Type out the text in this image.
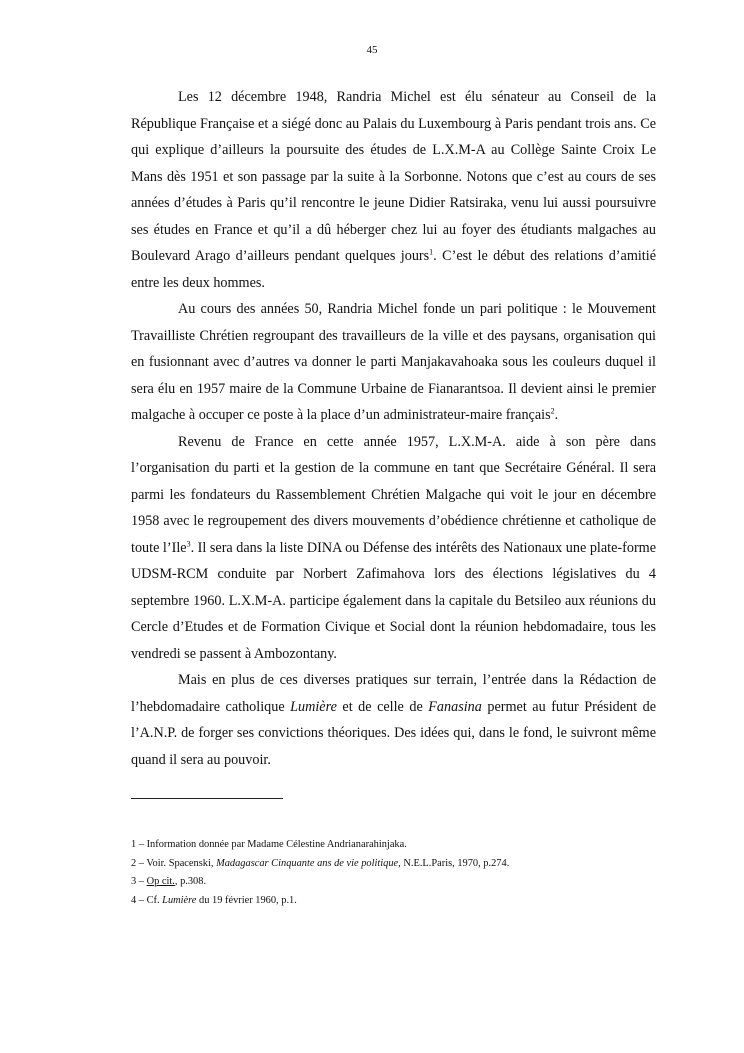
45

Les 12 décembre 1948, Randria Michel est élu sénateur au Conseil de la République Française et a siégé donc au Palais du Luxembourg à Paris pendant trois ans. Ce qui explique d’ailleurs la poursuite des études de L.X.M-A au Collège Sainte Croix Le Mans dès 1951 et son passage par la suite à la Sorbonne. Notons que c’est au cours de ses années d’études à Paris qu’il rencontre le jeune Didier Ratsiraka, venu lui aussi poursuivre ses études en France et qu’il a dû héberger chez lui au foyer des étudiants malgaches au Boulevard Arago d’ailleurs pendant quelques jours$^1$. C’est le début des relations d’amitié entre les deux hommes.

Au cours des années 50, Randria Michel fonde un pari politique : le Mouvement Travailliste Chrétien regroupant des travailleurs de la ville et des paysans, organisation qui en fusionnant avec d’autres va donner le parti Manjakavahoaka sous les couleurs duquel il sera élu en 1957 maire de la Commune Urbaine de Fianarantsoa. Il devient ainsi le premier malgache à occuper ce poste à la place d’un administrateur-maire français$^2$.

Revenu de France en cette année 1957, L.X.M-A. aide à son père dans l’organisation du parti et la gestion de la commune en tant que Secrétaire Général. Il sera parmi les fondateurs du Rassemblement Chrétien Malgache qui voit le jour en décembre 1958 avec le regroupement des divers mouvements d’obédience chrétienne et catholique de toute l’Ile$^3$. Il sera dans la liste DINA ou Défense des intérêts des Nationaux une plate-forme UDSM-RCM conduite par Norbert Zafimahova lors des élections législatives du 4 septembre 1960. L.X.M-A. participe également dans la capitale du Betsileo aux réunions du Cercle d’Etudes et de Formation Civique et Social dont la réunion hebdomadaire, tous les vendredi se passent à Ambozontany.

Mais en plus de ces diverses pratiques sur terrain, l’entrée dans la Rédaction de l’hebdomadaire catholique Lumière et de celle de Fanasina permet au futur Président de l’A.N.P. de forger ses convictions théoriques. Des idées qui, dans le fond, le suivront même quand il sera au pouvoir.

1 – Information donnée par Madame Célestine Andrianarahinjaka.
2 – Voir. Spacenski, Madagascar Cinquante ans de vie politique, N.E.L.Paris, 1970, p.274.
3 – Op cit., p.308.
4 – Cf. Lumière du 19 février 1960, p.1.
